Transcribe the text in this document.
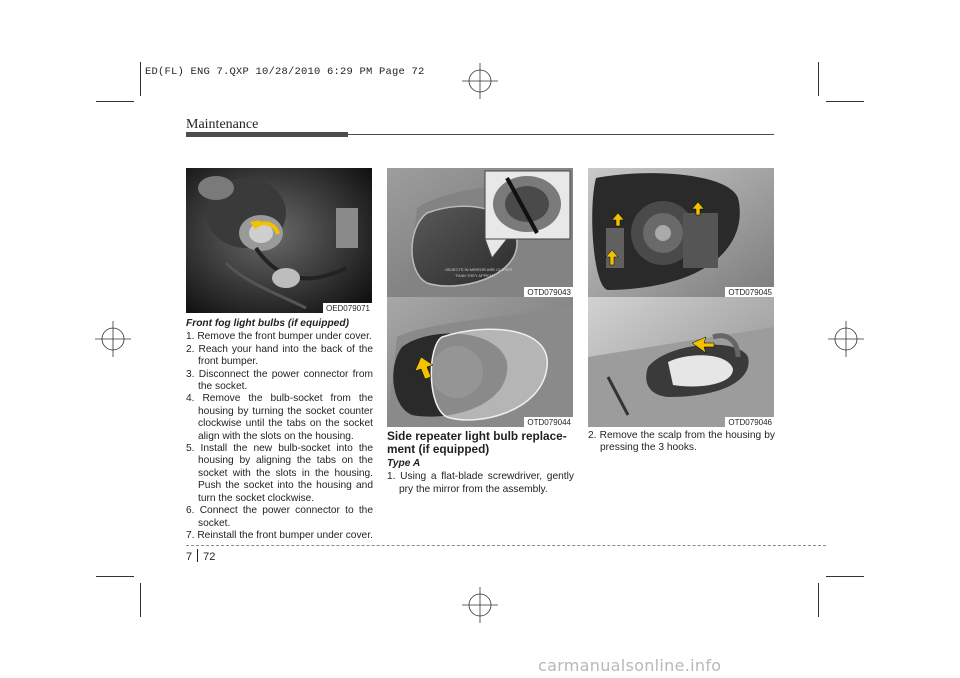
ED(FL) ENG 7.QXP 10/28/2010 6:29 PM Page 72
Maintenance
OED079071
OBJECTS IN MIRROR ARE CLOSER
THAN THEY APPEAR
OTD079043	OTD079045
OTD079044	OTD079046
Front fog light bulbs (if equipped)
1. Remove the front bumper under cover.
2. Reach your hand into the back of the front bumper.
3. Disconnect the power connector from the socket.
4. Remove the bulb-socket from the housing by turning the socket counter clockwise until the tabs on the socket align with the slots on the housing.
5. Install the new bulb-socket into the housing by aligning the tabs on the socket with the slots in the housing. Push the socket into the housing and turn the socket clockwise.
6. Connect the power connector to the socket.
7. Reinstall the front bumper under cover.
Side repeater light bulb replace- ment (if equipped)
Type A
1. Using a flat-blade screwdriver, gently pry the mirror from the assembly.
2. Remove the scalp from the housing by pressing the 3 hooks.
7 72
carmanualsonline.info
